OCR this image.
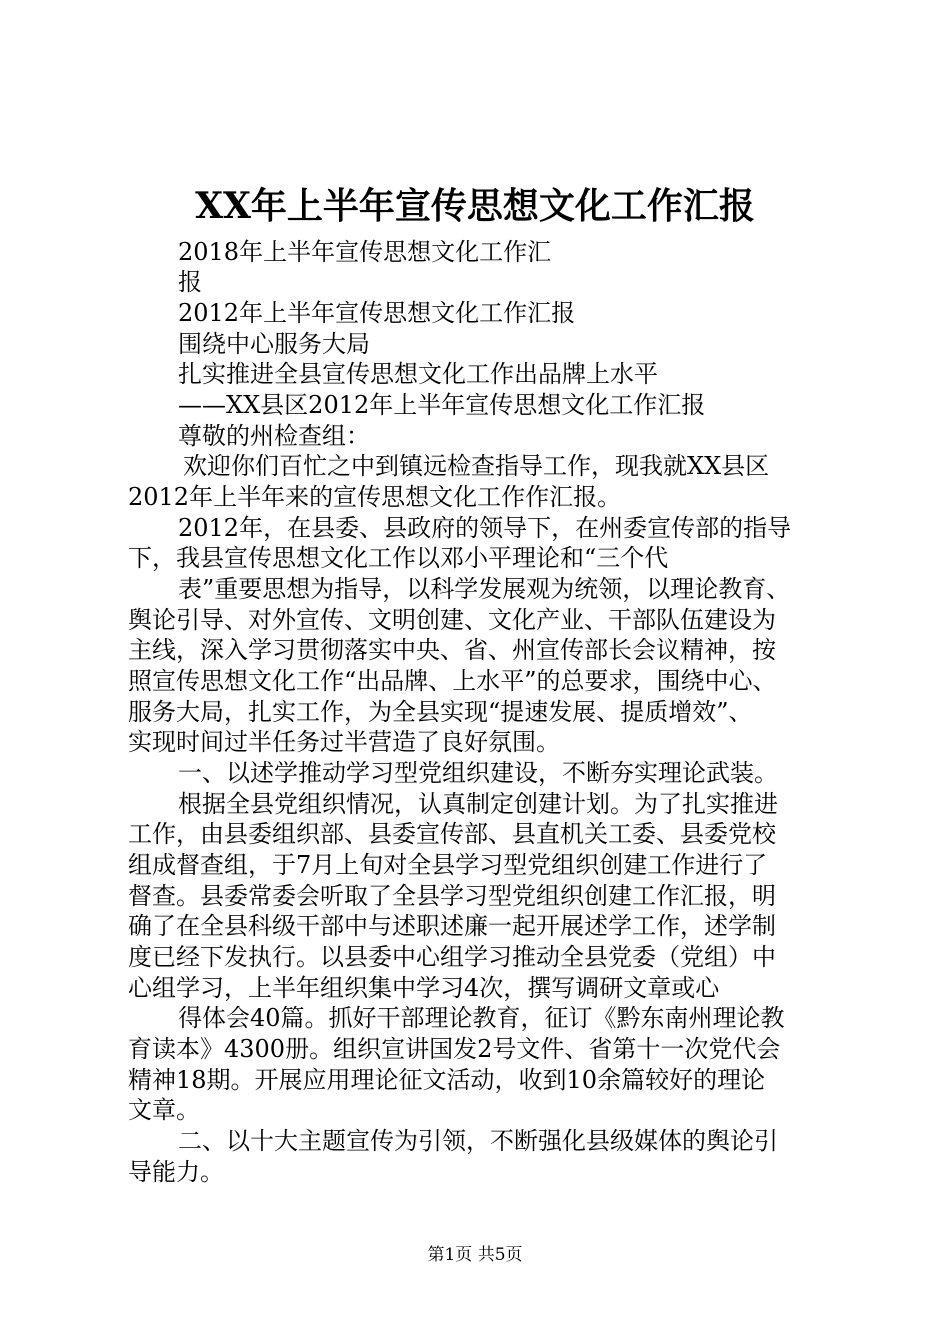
XX年上半年宣传思想文化工作汇报
2018年上半年宣传思想文化工作汇
报
2012年上半年宣传思想文化工作汇报
围绕中心服务大局
扎实推进全县宣传思想文化工作出品牌上水平
——XX县区2012年上半年宣传思想文化工作汇报
尊敬的州检查组：
欢迎你们百忙之中到镇远检查指导工作，现我就XX县区
2012年上半年来的宣传思想文化工作作汇报。
2012年，在县委、县政府的领导下，在州委宣传部的指导
下，我县宣传思想文化工作以邓小平理论和“三个代
表”重要思想为指导，以科学发展观为统领，以理论教育、
舆论引导、对外宣传、文明创建、文化产业、干部队伍建设为
主线，深入学习贯彻落实中央、省、州宣传部长会议精神，按
照宣传思想文化工作“出品牌、上水平”的总要求，围绕中心、
服务大局，扎实工作，为全县实现“提速发展、提质增效”、
实现时间过半任务过半营造了良好氛围。
一、以述学推动学习型党组织建设，不断夯实理论武装。
根据全县党组织情况，认真制定创建计划。为了扎实推进
工作，由县委组织部、县委宣传部、县直机关工委、县委党校
组成督查组，于7月上旬对全县学习型党组织创建工作进行了
督查。县委常委会听取了全县学习型党组织创建工作汇报，明
确了在全县科级干部中与述职述廉一起开展述学工作，述学制
度已经下发执行。以县委中心组学习推动全县党委（党组）中
心组学习，上半年组织集中学习4次，撰写调研文章或心
得体会40篇。抓好干部理论教育，征订《黔东南州理论教
育读本》4300册。组织宣讲国发2号文件、省第十一次党代会
精神18期。开展应用理论征文活动，收到10余篇较好的理论
文章。
二、以十大主题宣传为引领，不断强化县级媒体的舆论引
导能力。
第1页 共5页
